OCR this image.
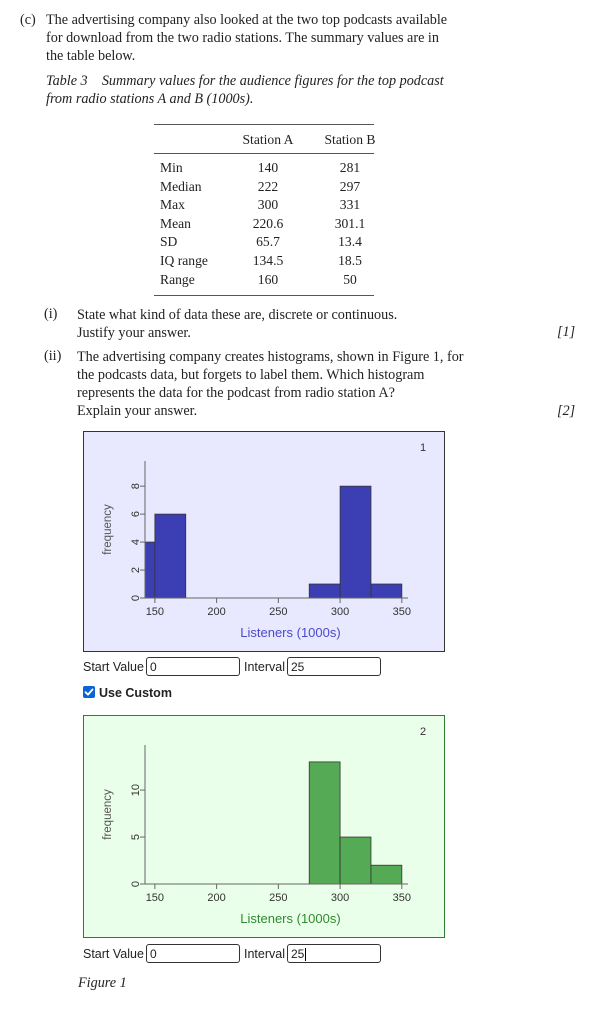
(c) The advertising company also looked at the two top podcasts available
for download from the two radio stations. The summary values are in
the table below.
Table 3    Summary values for the audience figures for the top podcast
from radio stations A and B (1000s).
	Station A	Station B

Min	140	281
Median	222	297
Max	300	331
Mean	220.6	301.1
SD	65.7	13.4
IQ range	134.5	18.5
Range	160	50
(i) State what kind of data these are, discrete or continuous.
Justify your answer.	[1]
(ii) The advertising company creates histograms, shown in Figure 1, for
the podcasts data, but forgets to label them. Which histogram
represents the data for the podcast from radio station A?
Explain your answer.	[2]
150	200	250	300	350
0
2
4
6
8
Listeners (1000s)
frequency
1
Start Value 0	Interval 25
Use Custom
150	200	250	300	350
0
5
10
Listeners (1000s)
frequency
2
Start Value 0	Interval 25
Figure 1
